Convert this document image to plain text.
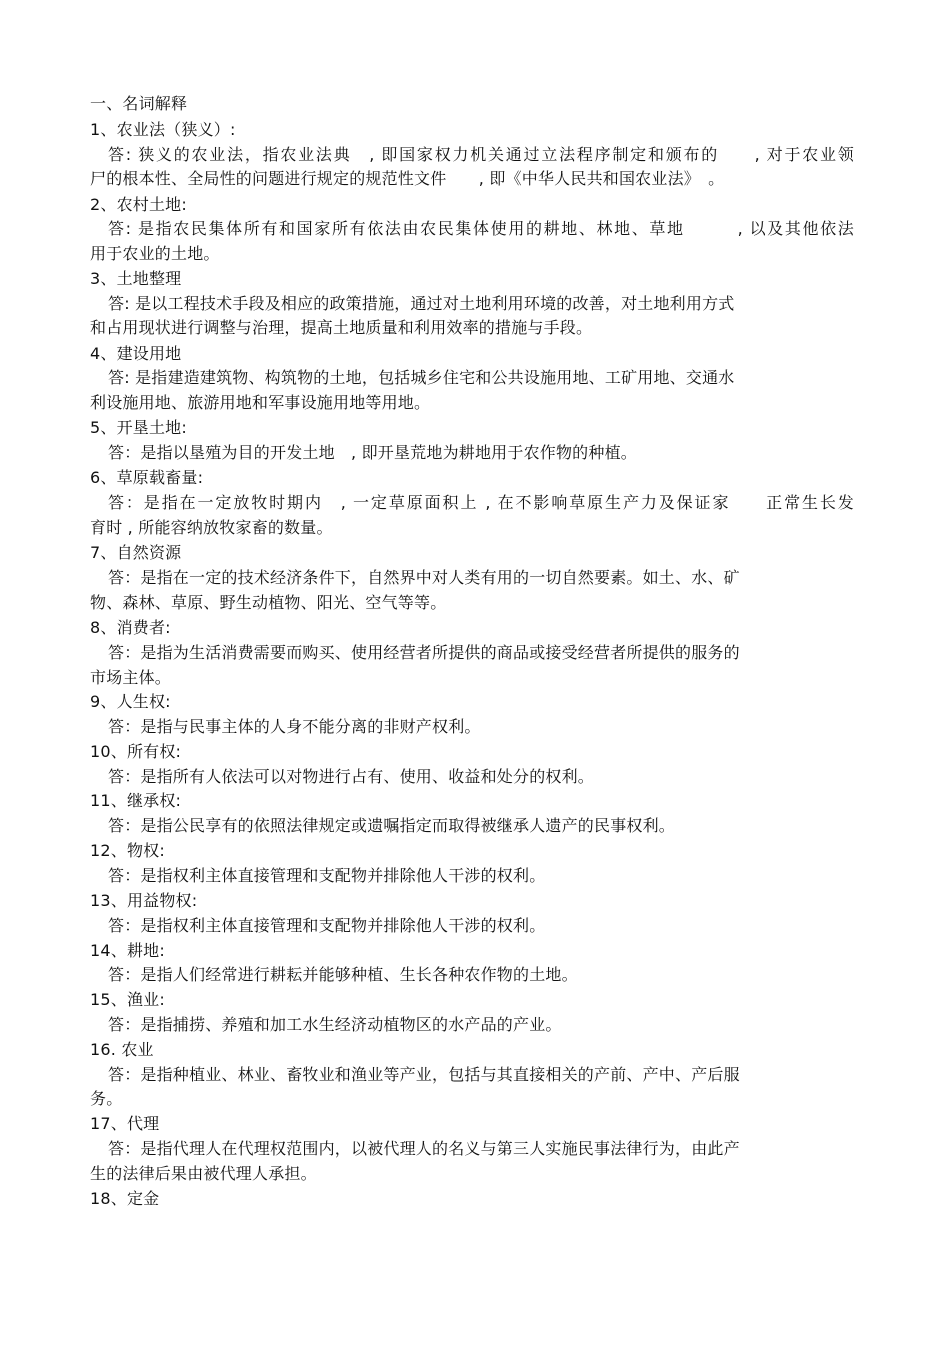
一、名词解释
1、农业法（狭义）:
答: 狭义的农业法，指农业法典　, 即国家权力机关通过立法程序制定和颁布的　　, 对于农业领
尸的根本性、全局性的问题进行规定的规范性文件　　, 即《中华人民共和国农业法》　。
2、农村土地:
答: 是指农民集体所有和国家所有依法由农民集体使用的耕地、林地、草地　　　, 以及其他依法
用于农业的土地。
3、土地整理
答: 是以工程技术手段及相应的政策措施，通过对土地利用环境的改善，对土地利用方式
和占用现状进行调整与治理，提高土地质量和利用效率的措施与手段。
4、建设用地
答: 是指建造建筑物、构筑物的土地，包括城乡住宅和公共设施用地、工矿用地、交通水
利设施用地、旅游用地和军事设施用地等用地。
5、开垦土地:
答：是指以垦殖为目的开发土地　, 即开垦荒地为耕地用于农作物的种植。
6、草原载畜量:
答：是指在一定放牧时期内　, 一定草原面积上 , 在不影响草原生产力及保证家　　正常生长发
育时 , 所能容纳放牧家畜的数量。
7、自然资源
答：是指在一定的技术经济条件下，自然界中对人类有用的一切自然要素。如土、水、矿
物、森林、草原、野生动植物、阳光、空气等等。
8、消费者:
答：是指为生活消费需要而购买、使用经营者所提供的商品或接受经营者所提供的服务的
市场主体。
9、人生权:
答：是指与民事主体的人身不能分离的非财产权利。
10、所有权:
答：是指所有人依法可以对物进行占有、使用、收益和处分的权利。
11、继承权:
答：是指公民享有的依照法律规定或遗嘱指定而取得被继承人遗产的民事权利。
12、物权:
答：是指权利主体直接管理和支配物并排除他人干涉的权利。
13、用益物权:
答：是指权利主体直接管理和支配物并排除他人干涉的权利。
14、耕地:
答：是指人们经常进行耕耘并能够种植、生长各种农作物的土地。
15、渔业:
答：是指捕捞、养殖和加工水生经济动植物区的水产品的产业。
16. 农业
答：是指种植业、林业、畜牧业和渔业等产业，包括与其直接相关的产前、产中、产后服
务。
17、代理
答：是指代理人在代理权范围内，以被代理人的名义与第三人实施民事法律行为，由此产
生的法律后果由被代理人承担。
18、定金
